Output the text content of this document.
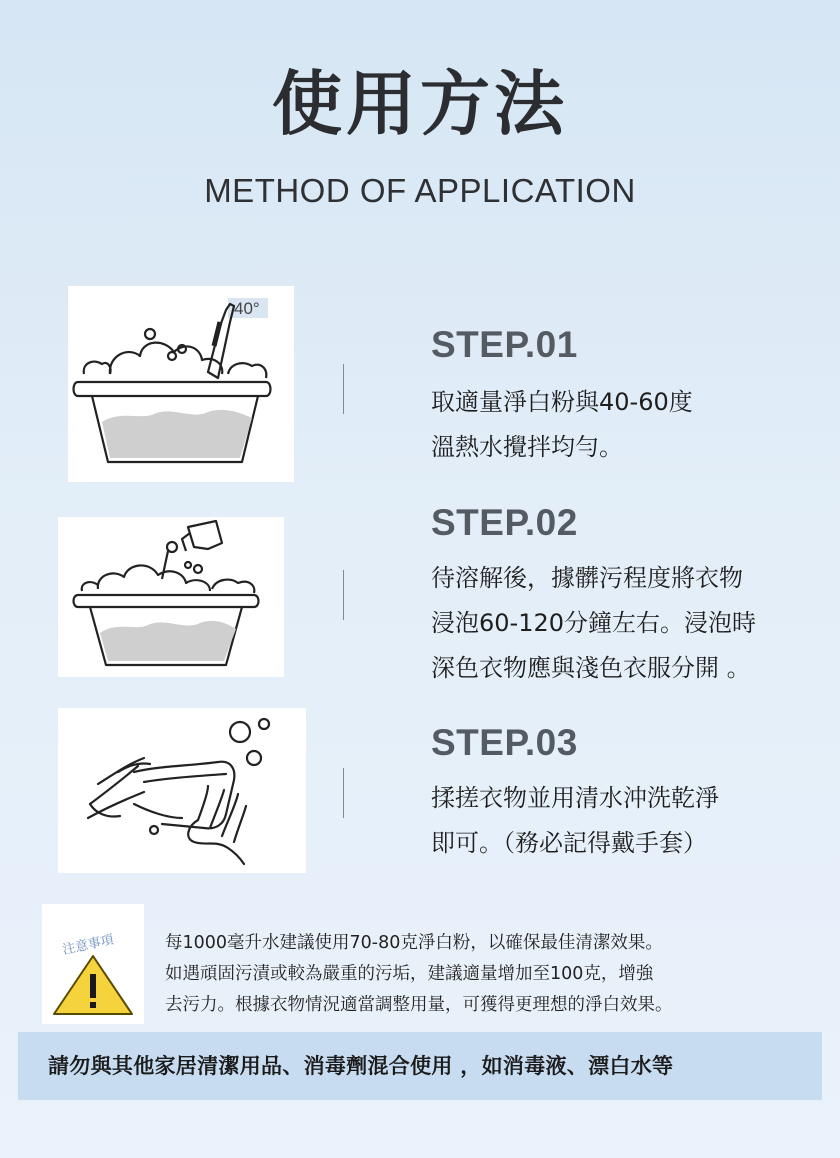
使用方法
METHOD OF APPLICATION
40°
STEP.01
取適量淨白粉與40-60度
溫熱水攪拌均勻。
STEP.02
待溶解後，據髒污程度將衣物
浸泡60-120分鐘左右。浸泡時
深色衣物應與淺色衣服分開 。
STEP.03
揉搓衣物並用清水沖洗乾淨
即可。（務必記得戴手套）
注意事項	每1000毫升水建議使用70-80克淨白粉，以確保最佳清潔效果。
如遇頑固污漬或較為嚴重的污垢，建議適量增加至100克，增強
去污力。根據衣物情況適當調整用量，可獲得更理想的淨白效果。
請勿與其他家居清潔用品、消毒劑混合使用 ，如消毒液、漂白水等
